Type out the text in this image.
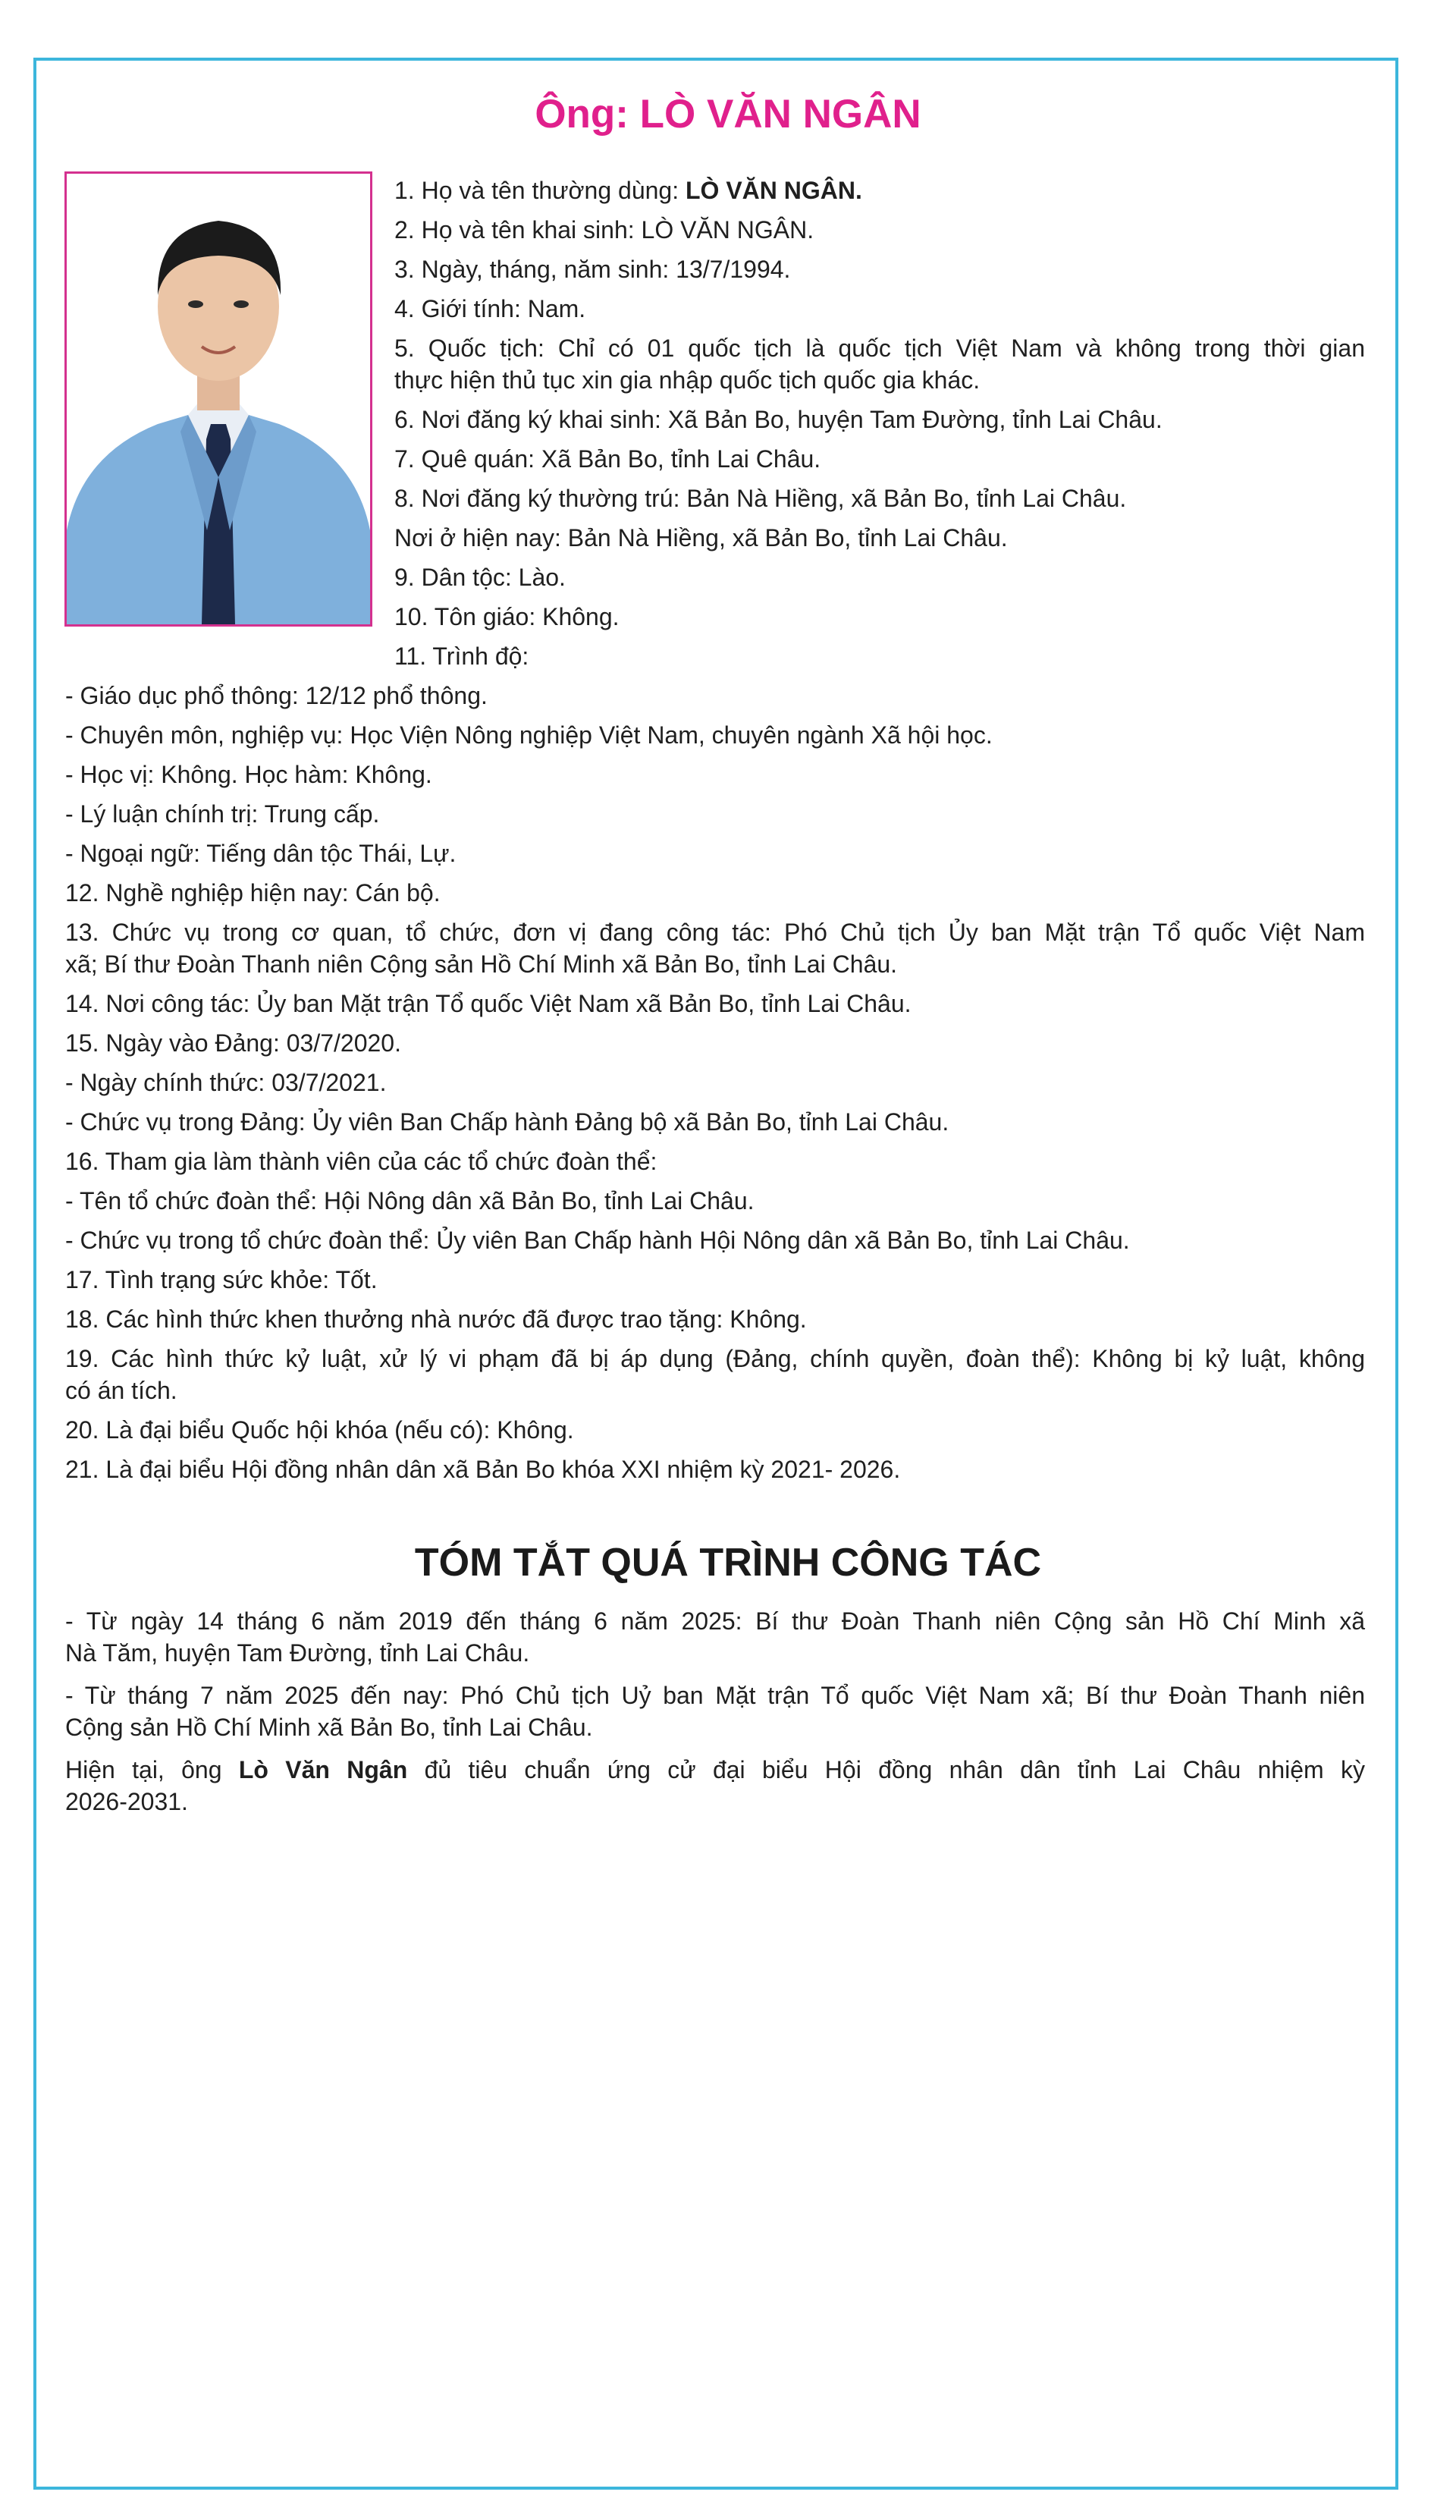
Ông: LÒ VĂN NGÂN
1. Họ và tên thường dùng: LÒ VĂN NGÂN.
2. Họ và tên khai sinh: LÒ VĂN NGÂN.
3. Ngày, tháng, năm sinh: 13/7/1994.
4. Giới tính: Nam.
5. Quốc tịch: Chỉ có 01 quốc tịch là quốc tịch Việt Nam và không trong thời gian
thực hiện thủ tục xin gia nhập quốc tịch quốc gia khác.
6. Nơi đăng ký khai sinh: Xã Bản Bo, huyện Tam Đường, tỉnh Lai Châu.
7. Quê quán: Xã Bản Bo, tỉnh Lai Châu.
8. Nơi đăng ký thường trú: Bản Nà Hiềng, xã Bản Bo, tỉnh Lai Châu.
Nơi ở hiện nay: Bản Nà Hiềng, xã Bản Bo, tỉnh Lai Châu.
9. Dân tộc: Lào.
10. Tôn giáo: Không.
11. Trình độ:
- Giáo dục phổ thông: 12/12 phổ thông.
- Chuyên môn, nghiệp vụ: Học Viện Nông nghiệp Việt Nam, chuyên ngành Xã hội học.
- Học vị: Không. Học hàm: Không.
- Lý luận chính trị: Trung cấp.
- Ngoại ngữ: Tiếng dân tộc Thái, Lự.
12. Nghề nghiệp hiện nay: Cán bộ.
13. Chức vụ trong cơ quan, tổ chức, đơn vị đang công tác: Phó Chủ tịch Ủy ban Mặt trận Tổ quốc Việt Nam
xã; Bí thư Đoàn Thanh niên Cộng sản Hồ Chí Minh xã Bản Bo, tỉnh Lai Châu.
14. Nơi công tác: Ủy ban Mặt trận Tổ quốc Việt Nam xã Bản Bo, tỉnh Lai Châu.
15. Ngày vào Đảng: 03/7/2020.
- Ngày chính thức: 03/7/2021.
- Chức vụ trong Đảng: Ủy viên Ban Chấp hành Đảng bộ xã Bản Bo, tỉnh Lai Châu.
16. Tham gia làm thành viên của các tổ chức đoàn thể:
- Tên tổ chức đoàn thể: Hội Nông dân xã Bản Bo, tỉnh Lai Châu.
- Chức vụ trong tổ chức đoàn thể: Ủy viên Ban Chấp hành Hội Nông dân xã Bản Bo, tỉnh Lai Châu.
17. Tình trạng sức khỏe: Tốt.
18. Các hình thức khen thưởng nhà nước đã được trao tặng: Không.
19. Các hình thức kỷ luật, xử lý vi phạm đã bị áp dụng (Đảng, chính quyền, đoàn thể): Không bị kỷ luật, không
có án tích.
20. Là đại biểu Quốc hội khóa (nếu có): Không.
21. Là đại biểu Hội đồng nhân dân xã Bản Bo khóa XXI nhiệm kỳ 2021- 2026.
TÓM TẮT QUÁ TRÌNH CÔNG TÁC
- Từ ngày 14 tháng 6 năm 2019 đến tháng 6 năm 2025: Bí thư Đoàn Thanh niên Cộng sản Hồ Chí Minh xã
Nà Tăm, huyện Tam Đường, tỉnh Lai Châu.
- Từ tháng 7 năm 2025 đến nay: Phó Chủ tịch Uỷ ban Mặt trận Tổ quốc Việt Nam xã; Bí thư Đoàn Thanh niên
Cộng sản Hồ Chí Minh xã Bản Bo, tỉnh Lai Châu.
Hiện tại, ông Lò Văn Ngân đủ tiêu chuẩn ứng cử đại biểu Hội đồng nhân dân tỉnh Lai Châu nhiệm kỳ
2026-2031.
